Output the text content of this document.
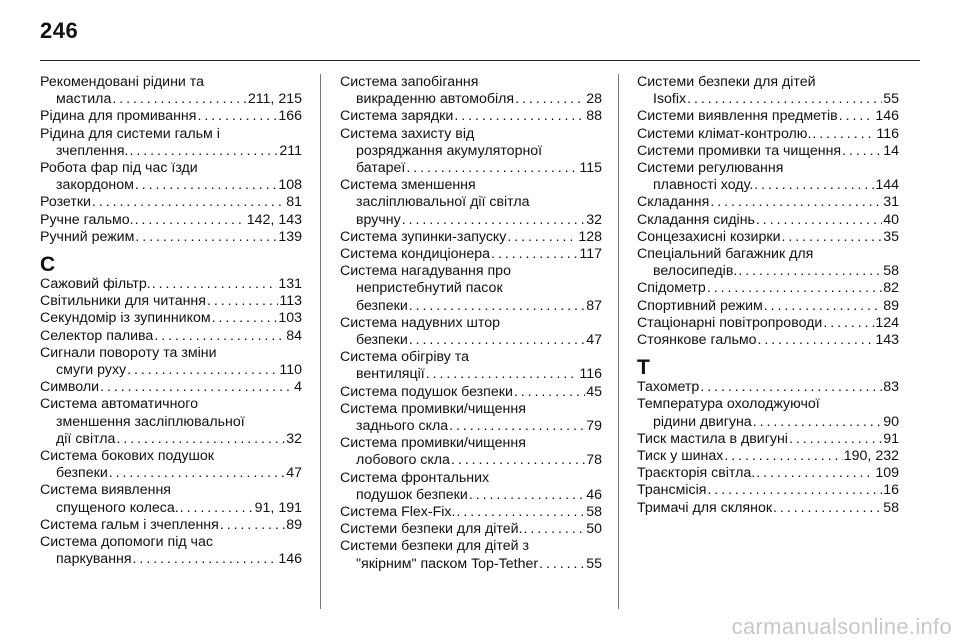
246
Рекомендовані рідини та
мастила . . .	211, 215
Рідина для промивання . . .	166
Рідина для системи гальм і
зчеплення. . . .	211
Робота фар під час їзди
закордоном . . .	108
Розетки . . .	81
Ручне гальмо. . . .	142, 143
Ручний режим . . .	139
С
Сажовий фільтр. . . .	131
Світильники для читання . . .	113
Секундомір із зупинником . . .	103
Селектор палива . . .	84
Сигнали повороту та зміни
смуги руху . . .	110
Символи . . .	4
Система автоматичного
зменшення засліплювальної
дії світла . . .	32
Система бокових подушок
безпеки . . .	47
Система виявлення
спущеного колеса. . . .	91, 191
Система гальм і зчеплення . . .	89
Система допомоги під час
паркування . . .	146
Система запобігання
викраденню автомобіля . . .	28
Система зарядки . . .	88
Система захисту від
розряджання акумуляторної
батареї . . .	115
Система зменшення
засліплювальної дії світла
вручну . . .	32
Система зупинки-запуску . . .	128
Система кондиціонера . . .	117
Система нагадування про
непристебнутий пасок
безпеки . . .	87
Система надувних штор
безпеки . . .	47
Система обігріву та
вентиляції . . .	116
Система подушок безпеки . . .	45
Система промивки/чищення
заднього скла . . .	79
Система промивки/чищення
лобового скла . . .	78
Система фронтальних
подушок безпеки . . .	46
Система Flex-Fix. . . .	58
Системи безпеки для дітей. . . .	50
Системи безпеки для дітей з
"якірним" паском Top-Tether . . .	55
Системи безпеки для дітей
Isofix . . .	55
Системи виявлення предметів . . .	146
Системи клімат-контролю. . . .	116
Системи промивки та чищення . . .	14
Системи регулювання
плавності ходу. . . .	144
Складання . . .	31
Складання сидінь . . .	40
Сонцезахисні козирки . . .	35
Спеціальний багажник для
велосипедів. . . .	58
Спідометр . . .	82
Спортивний режим . . .	89
Стаціонарні повітропроводи . . .	124
Стоянкове гальмо . . .	143
Т
Тахометр . . .	83
Температура охолоджуючої
рідини двигуна . . .	90
Тиск мастила в двигуні . . .	91
Тиск у шинах . . .	190, 232
Траєкторія світла. . . .	109
Трансмісія . . .	16
Тримачі для склянок . . .	58
carmanualsonline.info
